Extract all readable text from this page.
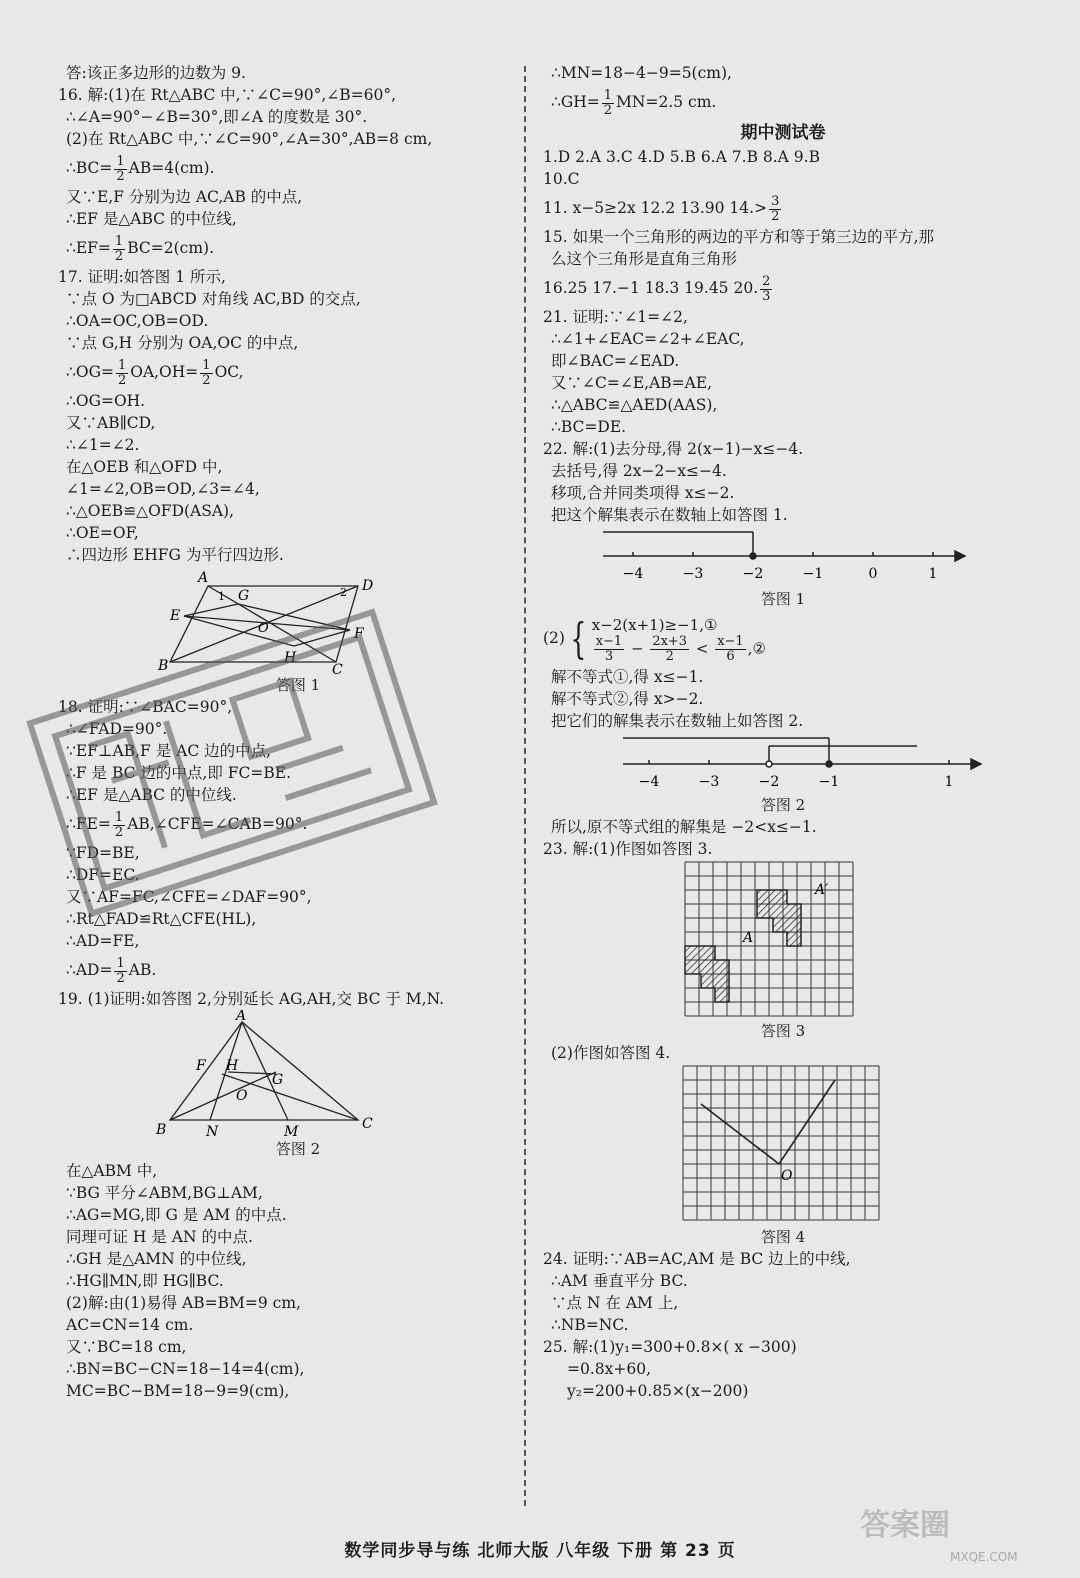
答:该正多边形的边数为 9.
16. 解:(1)在 Rt△ABC 中,∵∠C=90°,∠B=60°,
∴∠A=90°−∠B=30°,即∠A 的度数是 30°.
(2)在 Rt△ABC 中,∵∠C=90°,∠A=30°,AB=8 cm,
∴BC= $\frac{1}{2} AB=4(cm)$.
又∵E,F 分别为边 AC,AB 的中点,
∴EF 是△ABC 的中位线,
∴EF= $\frac{1}{2} BC=2(cm)$.
17. 证明:如答图 1 所示,
∵点 O 为□ABCD 对角线 AC,BD 的交点,
∴OA=OC,OB=OD.
∵点 G,H 分别为 OA,OC 的中点,
∴OG= $\frac{1}{2} OA,OH= \frac{1}{2}$ OC,
∴OG=OH.
又∵AB∥CD,
∴∠1=∠2.
在△OEB 和△OFD 中,
∠1=∠2,OB=OD,∠3=∠4,
∴△OEB≌△OFD(ASA),
∴OE=OF,
∴四边形 EHFG 为平行四边形.
A	D
E
G
O
H
F
B	C
1	2
答图 1
18. 证明:∵∠BAC=90°,
∴∠FAD=90°.
∵EF⊥AB,F 是 AC 边的中点,
∴F 是 BC 边的中点,即 FC=BE.
∴EF 是△ABC 的中位线.
∴FE= $\frac{1}{2}$ AB,∠CFE=∠CAB=90°.
∵FD=BE,
∴DF=EC.
又∵AF=FC,∠CFE=∠DAF=90°,
∴Rt△FAD≌Rt△CFE(HL),
∴AD=FE,
∴AD= $\frac{1}{2}$ AB.
19. (1)证明:如答图 2,分别延长 AG,AH,交 BC 于 M,N.
A
F H
G
O
B	N	M	C
答图 2
在△ABM 中,
∵BG 平分∠ABM,BG⊥AM,
∴AG=MG,即 G 是 AM 的中点.
同理可证 H 是 AN 的中点.
∴GH 是△AMN 的中位线,
∴HG∥MN,即 HG∥BC.
(2)解:由(1)易得 AB=BM=9 cm,
AC=CN=14 cm.
又∵BC=18 cm,
∴BN=BC−CN=18−14=4(cm),
MC=BC−BM=18−9=9(cm),
∴MN=18−4−9=5(cm),
∴GH= $\frac{1}{2} MN=2.5$ cm.
期中测试卷
1.D 2.A 3.C 4.D 5.B 6.A 7.B 8.A 9.B
10.C
11. x−5≥2x 12.2 13.90 $14.> \frac{3}{2}$
15. 如果一个三角形的两边的平方和等于第三边的平方,那
么这个三角形是直角三角形
16.25 17.−1 18.3 19.45 20. $\frac{2}{3}$
21. 证明:∵∠1=∠2,
∴∠1+∠EAC=∠2+∠EAC,
即∠BAC=∠EAD.
又∵∠C=∠E,AB=AE,
∴△ABC≌△AED(AAS),
∴BC=DE.
22. 解:(1)去分母,得 2(x−1)−x≤−4.
去括号,得 2x−2−x≤−4.
移项,合并同类项得 x≤−2.
把这个解集表示在数轴上如答图 1.
−4	−3	−2	−1	0	1
答图 1
(2) { x−2(x+1)≥−1,①
$\frac{x-1}{3} - \frac{2x+3}{2} < \frac{x-1}{6}$ ,②
解不等式①,得 x≤−1.
解不等式②,得 x>−2.
把它们的解集表示在数轴上如答图 2.
−4	−3	−2	−1	1
答图 2
所以,原不等式组的解集是 −2<x≤−1.
23. 解:(1)作图如答图 3.
A
A′
答图 3
(2)作图如答图 4.
O
答图 4
24. 证明:∵AB=AC,AM 是 BC 边上的中线,
∴AM 垂直平分 BC.
∵点 N 在 AM 上,
∴NB=NC.
25. 解:(1)y₁=300+0.8×( x −300)
=0.8x+60,
y₂=200+0.85×(x−200)
数学同步导与练 北师大版 八年级 下册 第 23 页
答案圈
MXQE.COM
